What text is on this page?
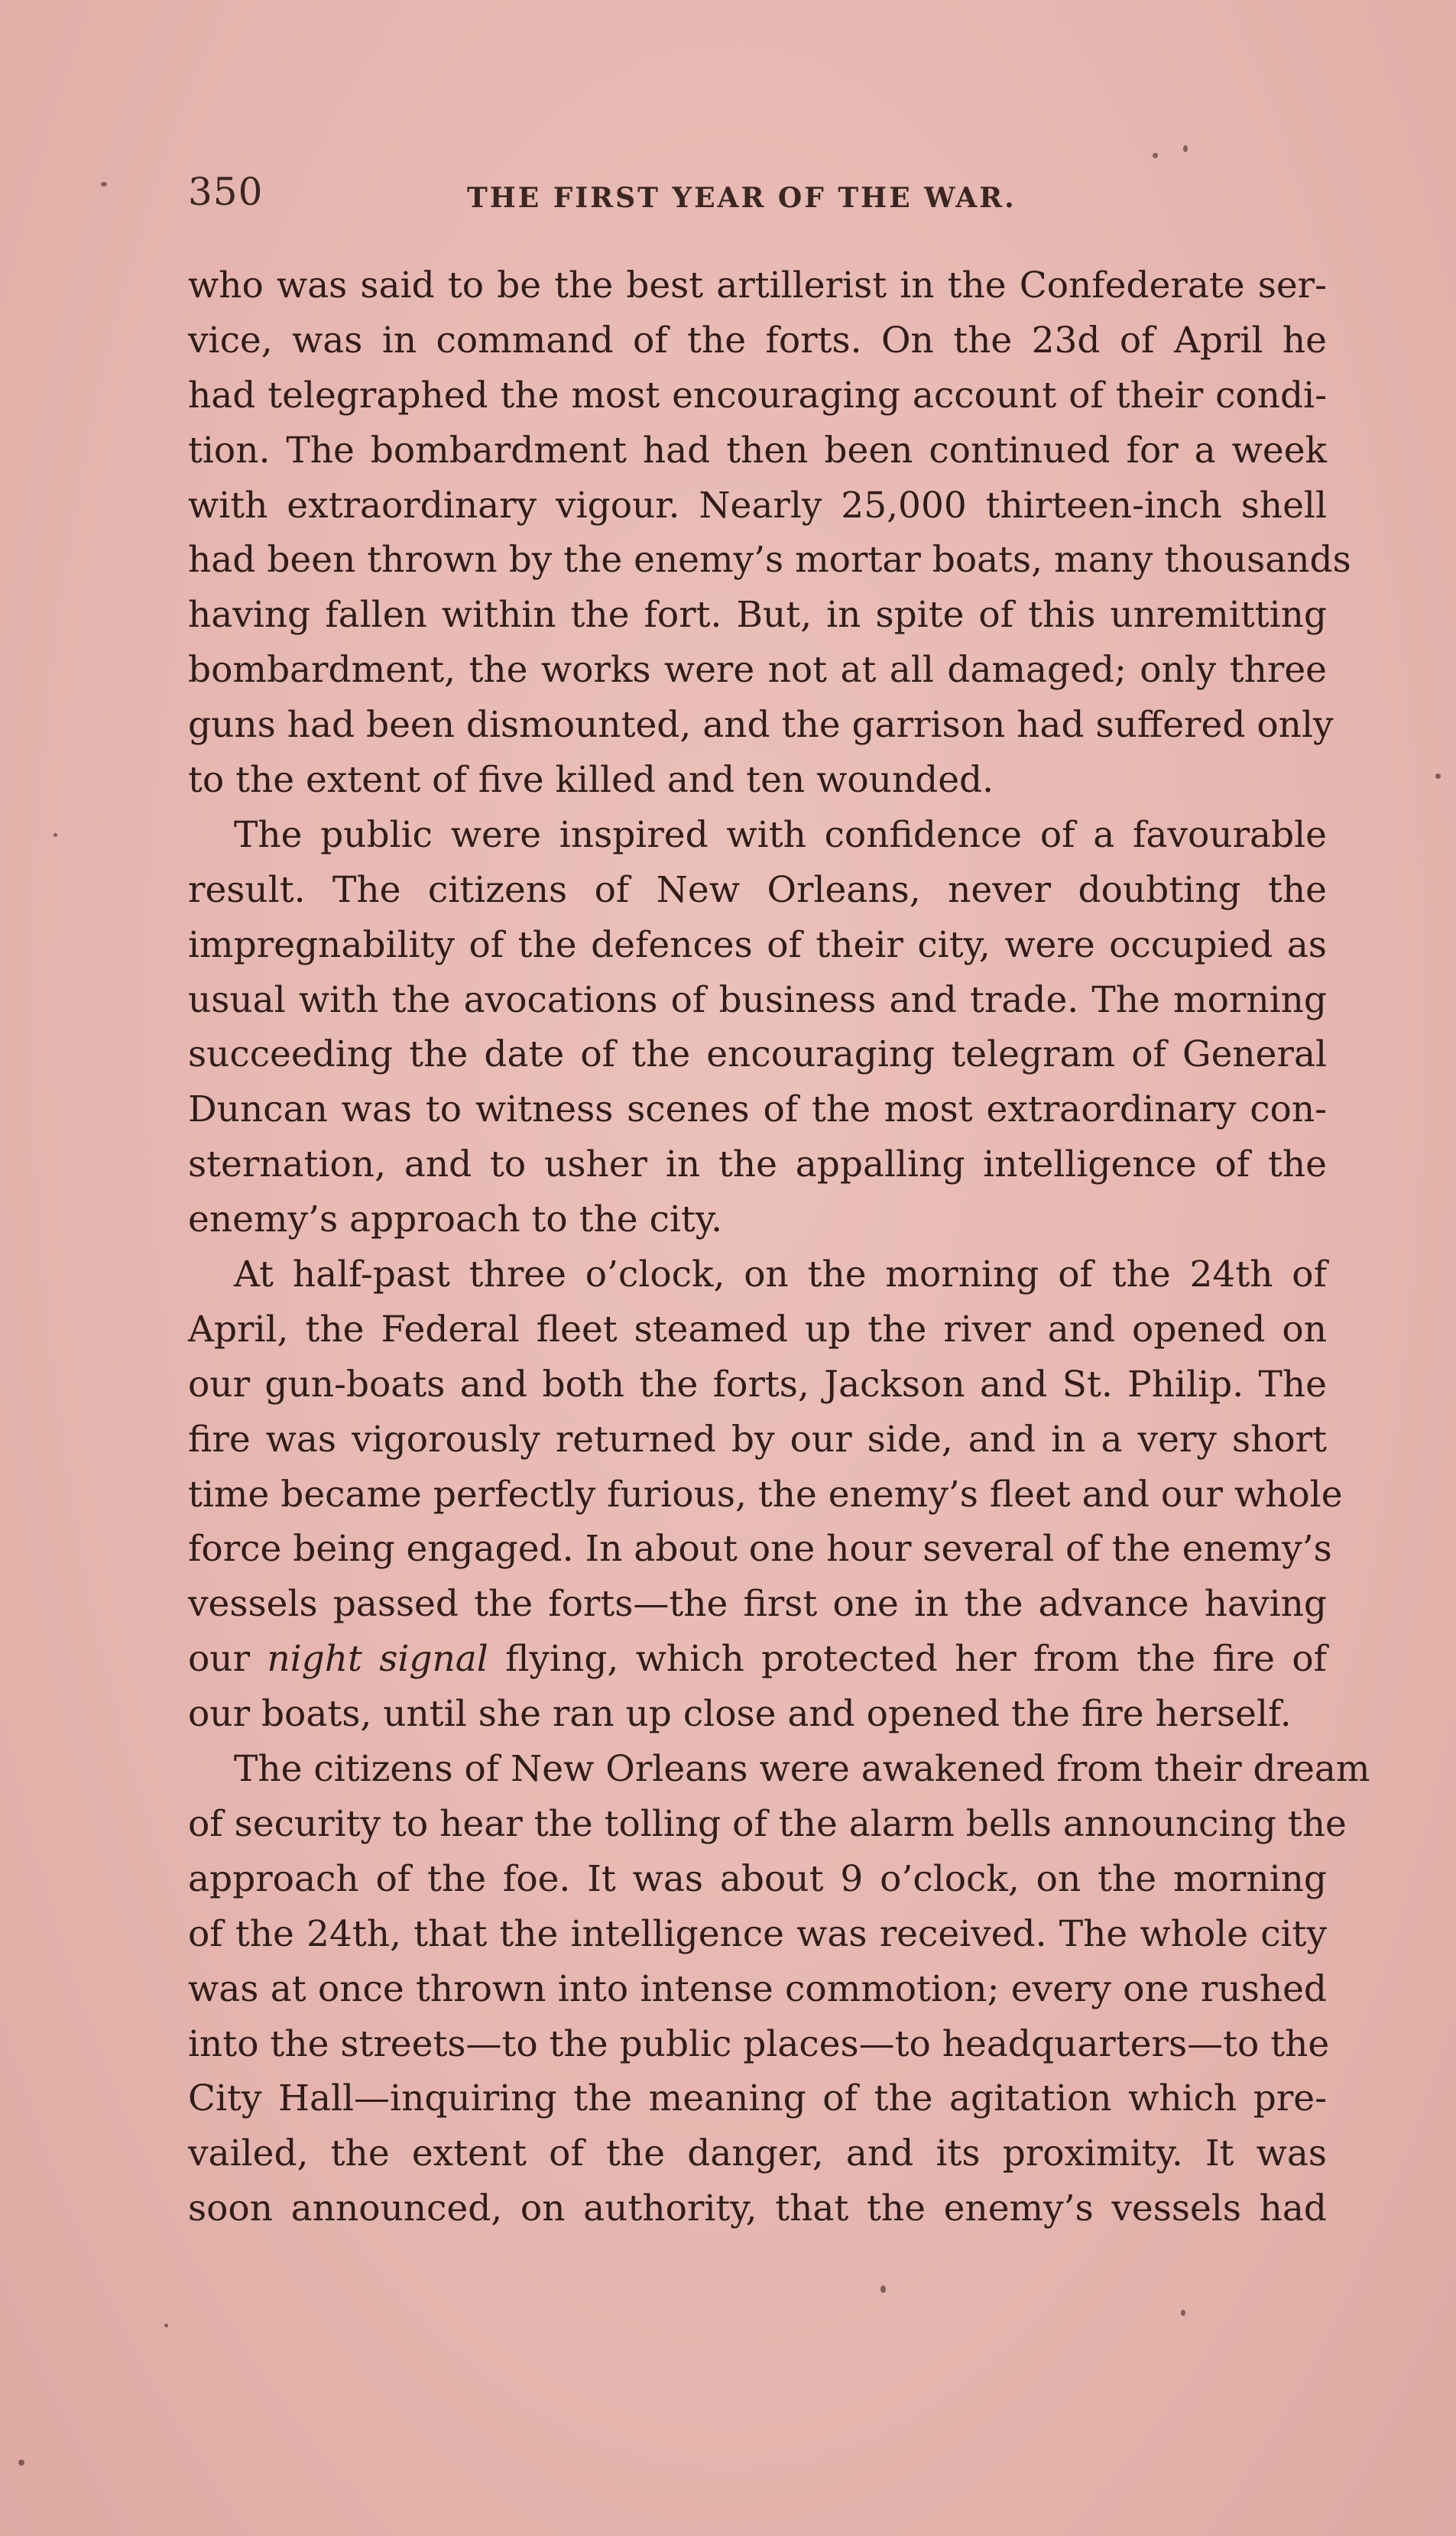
350	THE FIRST YEAR OF THE WAR.
who was said to be the best artillerist in the Confederate ser-
vice, was in command of the forts. On the 23d of April he
had telegraphed the most encouraging account of their condi-
tion. The bombardment had then been continued for a week
with extraordinary vigour. Nearly 25,000 thirteen-inch shell
had been thrown by the enemy’s mortar boats, many thousands
having fallen within the fort. But, in spite of this unremitting
bombardment, the works were not at all damaged; only three
guns had been dismounted, and the garrison had suffered only
to the extent of five killed and ten wounded.
The public were inspired with confidence of a favourable
result. The citizens of New Orleans, never doubting the
impregnability of the defences of their city, were occupied as
usual with the avocations of business and trade. The morning
succeeding the date of the encouraging telegram of General
Duncan was to witness scenes of the most extraordinary con-
sternation, and to usher in the appalling intelligence of the
enemy’s approach to the city.
At half-past three o’clock, on the morning of the 24th of
April, the Federal fleet steamed up the river and opened on
our gun-boats and both the forts, Jackson and St. Philip. The
fire was vigorously returned by our side, and in a very short
time became perfectly furious, the enemy’s fleet and our whole
force being engaged. In about one hour several of the enemy’s
vessels passed the forts—the first one in the advance having
our night signal flying, which protected her from the fire of
our boats, until she ran up close and opened the fire herself.
The citizens of New Orleans were awakened from their dream
of security to hear the tolling of the alarm bells announcing the
approach of the foe. It was about 9 o’clock, on the morning
of the 24th, that the intelligence was received. The whole city
was at once thrown into intense commotion; every one rushed
into the streets—to the public places—to headquarters—to the
City Hall—inquiring the meaning of the agitation which pre-
vailed, the extent of the danger, and its proximity. It was
soon announced, on authority, that the enemy’s vessels had
